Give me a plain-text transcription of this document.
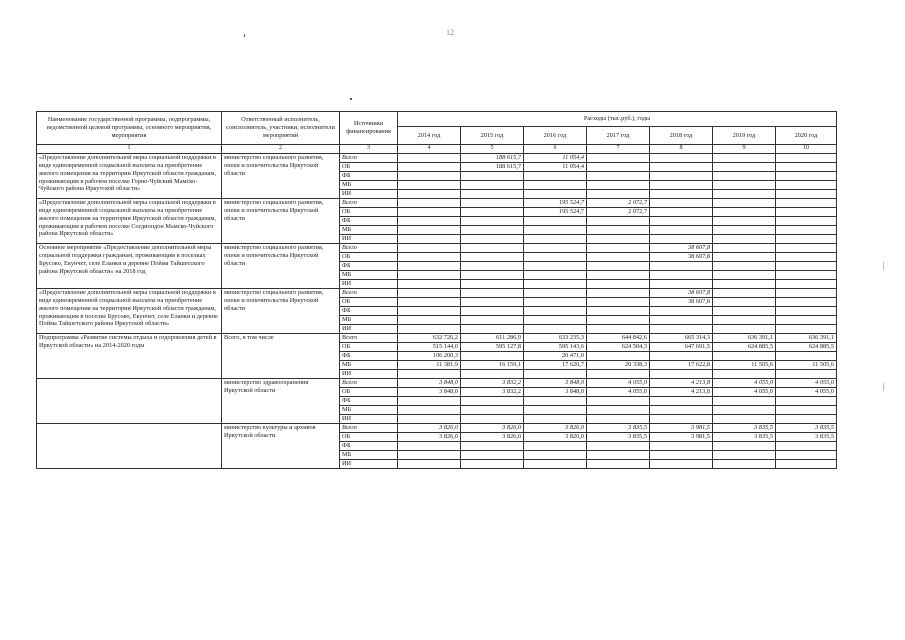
12
Наименование государственной программы, подпрограммы, ведомственной целевой программы, основного мероприятия, мероприятия	Ответственный исполнитель, соисполнитель, участники, исполнители мероприятий	Источники финансирования	Расходы (тыс.руб.), годы						
			2014 год	2015 год	2016 год	2017 год	2018 год	2019 год	2020 год
1	2	3	4	5	6	7	8	9	10
«Предоставление дополнительной меры социальной поддержки в виде единовременной социальной выплаты на приобретение жилого помещения на территории Иркутской области гражданам, проживающим в рабочем поселке Горно-Чуйский Мамско-Чуйского района Иркутской области»	министерство социального развития, опеки и попечительства Иркутской области	Всего		188 615,7	11 054,4				
		ОБ		188 615,7	11 054,4				
		ФБ							
		МБ							
		ИИ							
«Предоставление дополнительной меры социальной поддержки в виде единовременной социальной выплаты на приобретение жилого помещения на территории Иркутской области гражданам, проживающим в рабочем поселке Согдиондон Мамско-Чуйского района Иркутской области»	министерство социального развития, опеки и попечительства Иркутской области	Всего			195 524,7	2 072,7			
		ОБ			195 524,7	2 072,7			
		ФБ							
		МБ							
		ИИ							
Основное мероприятие «Предоставление дополнительной меры социальной поддержки гражданам, проживающим в поселках Брусово, Екунчет, селе Еланки и деревне Пойма Тайшетского района Иркутской области» на 2018 год	министерство социального развития, опеки и попечительства Иркутской области	Всего					38 607,8		
		ОБ					38 607,8		
		ФБ							
		МБ							
		ИИ							
«Предоставление дополнительной меры социальной поддержки в виде единовременной социальной выплаты на приобретение жилого помещения на территории Иркутской области гражданам, проживающим в поселке Брусово, Екунчет, селе Еланки и деревне Пойма Тайшетского района Иркутской области»	министерство социального развития, опеки и попечительства Иркутской области	Всего					38 607,8		
		ОБ					38 607,8		
		ФБ							
		МБ							
		ИИ							
Подпрограмма «Развитие системы отдыха и оздоровления детей в Иркутской области» на 2014-2020 годы	Всего, в том числе	Всего	632 726,2	611 286,9	633 235,3	644 842,6	665 314,3	636 391,1	636 391,1
		ОБ	515 144,0	595 127,8	595 143,6	624 504,3	647 691,5	624 885,5	624 885,5
		ФБ	106 200,3		20 471,0				
		МБ	11 381,9	16 159,1	17 620,7	20 338,3	17 622,8	11 505,6	11 505,6
		ИИ							
	министерство здравоохранения Иркутской области	Всего	3 848,0	3 832,2	3 848,0	4 055,0	4 213,8	4 055,0	4 055,0
		ОБ	3 848,0	3 832,2	3 848,0	4 055,0	4 213,8	4 055,0	4 055,0
		ФБ							
		МБ							
		ИИ							
	министерство культуры и архивов Иркутской области	Всего	3 826,0	3 826,0	3 826,0	3 835,5	3 981,5	3 835,5	3 835,5
		ОБ	3 826,0	3 826,0	3 826,0	3 835,5	3 981,5	3 835,5	3 835,5
		ФБ							
		МБ							
		ИИ							
